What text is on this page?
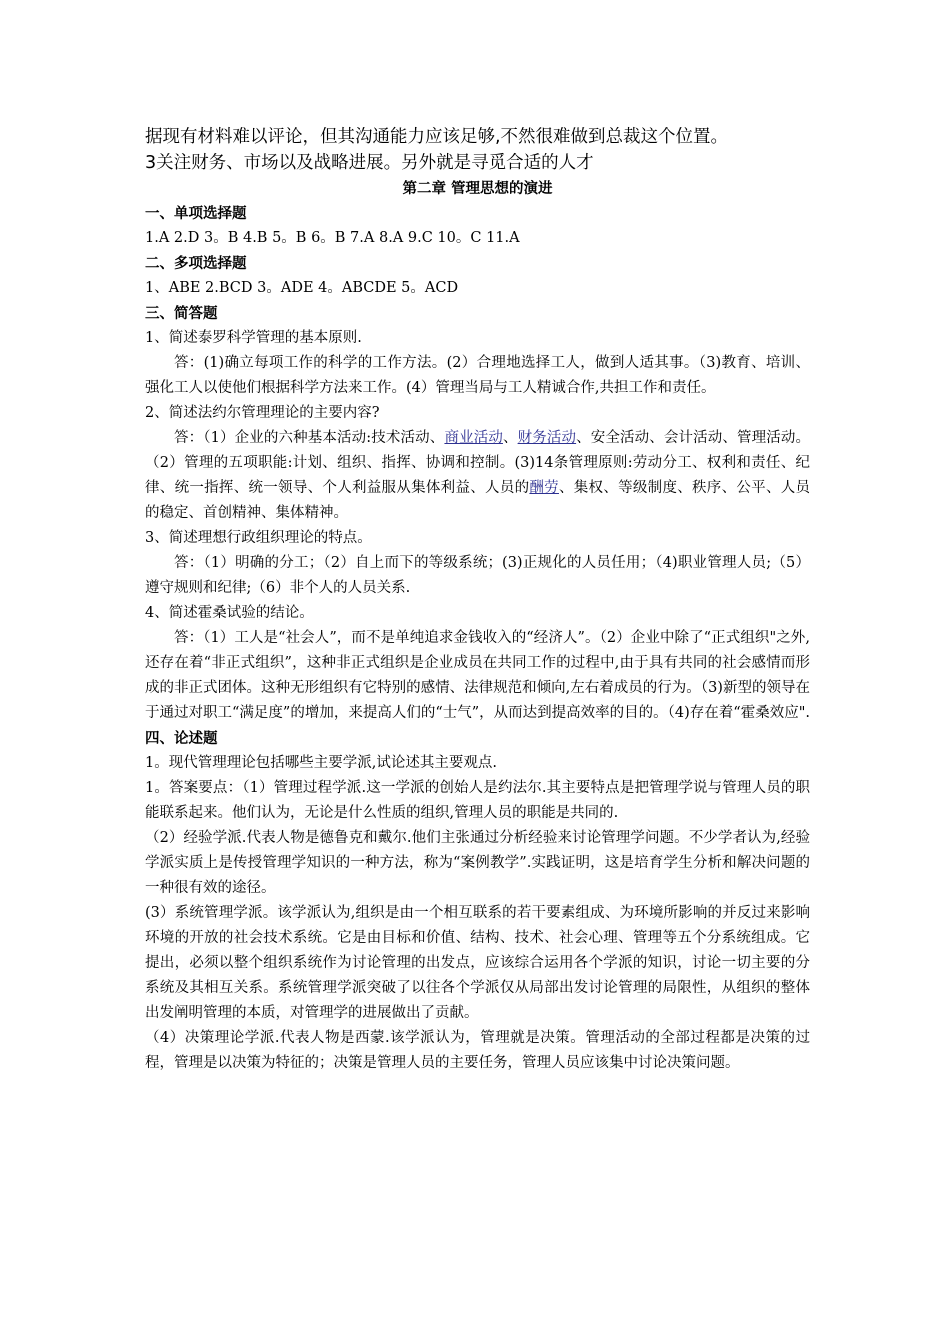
据现有材料难以评论，但其沟通能力应该足够,不然很难做到总裁这个位置。
3关注财务、市场以及战略进展。另外就是寻觅合适的人才
第二章 管理思想的演进
一、单项选择题
1.A 2.D 3。B 4.B 5。B 6。B 7.A 8.A 9.C 10。C 11.A
二、多项选择题
1、ABE 2.BCD 3。ADE 4。ABCDE 5。ACD
三、简答题
1、简述泰罗科学管理的基本原则.
答：(1)确立每项工作的科学的工作方法。(2）合理地选择工人，做到人适其事。（3)教育、培训、强化工人以使他们根据科学方法来工作。(4）管理当局与工人精诚合作,共担工作和责任。
2、简述法约尔管理理论的主要内容?
答：（1）企业的六种基本活动:技术活动、商业活动、财务活动、安全活动、会计活动、管理活动。（2）管理的五项职能:计划、组织、指挥、协调和控制。(3)14条管理原则:劳动分工、权利和责任、纪律、统一指挥、统一领导、个人利益服从集体利益、人员的酬劳、集权、等级制度、秩序、公平、人员的稳定、首创精神、集体精神。
3、简述理想行政组织理论的特点。
答：（1）明确的分工；（2）自上而下的等级系统；(3)正规化的人员任用；（4)职业管理人员;（5）遵守规则和纪律;（6）非个人的人员关系.
4、简述霍桑试验的结论。
答：（1）工人是“社会人”，而不是单纯追求金钱收入的“经济人”。（2）企业中除了“正式组织"之外,还存在着“非正式组织”，这种非正式组织是企业成员在共同工作的过程中,由于具有共同的社会感情而形成的非正式团体。这种无形组织有它特别的感情、法律规范和倾向,左右着成员的行为。（3)新型的领导在于通过对职工“满足度”的增加，来提高人们的“士气”，从而达到提高效率的目的。（4)存在着“霍桑效应".
四、论述题
1。现代管理理论包括哪些主要学派,试论述其主要观点.
1。答案要点：（1）管理过程学派.这一学派的创始人是约法尔.其主要特点是把管理学说与管理人员的职能联系起来。他们认为，无论是什么性质的组织,管理人员的职能是共同的.
（2）经验学派.代表人物是德鲁克和戴尔.他们主张通过分析经验来讨论管理学问题。不少学者认为,经验学派实质上是传授管理学知识的一种方法，称为“案例教学”.实践证明，这是培育学生分析和解决问题的一种很有效的途径。
(3）系统管理学派。该学派认为,组织是由一个相互联系的若干要素组成、为环境所影响的并反过来影响环境的开放的社会技术系统。它是由目标和价值、结构、技术、社会心理、管理等五个分系统组成。它提出，必须以整个组织系统作为讨论管理的出发点，应该综合运用各个学派的知识，讨论一切主要的分系统及其相互关系。系统管理学派突破了以往各个学派仅从局部出发讨论管理的局限性，从组织的整体出发阐明管理的本质，对管理学的进展做出了贡献。
（4）决策理论学派.代表人物是西蒙.该学派认为，管理就是决策。管理活动的全部过程都是决策的过程，管理是以决策为特征的；决策是管理人员的主要任务，管理人员应该集中讨论决策问题。
